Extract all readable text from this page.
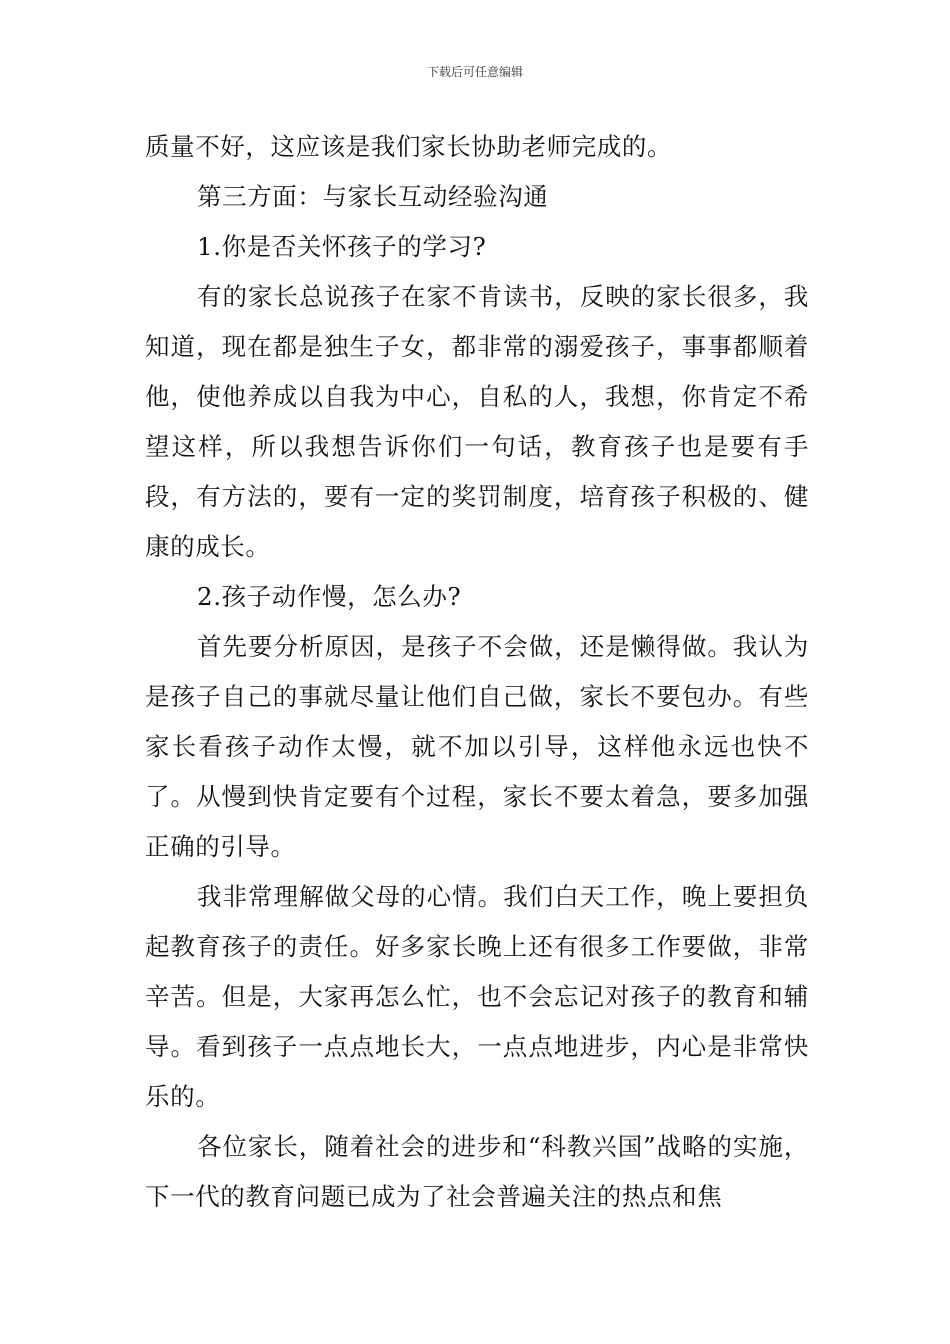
下载后可任意编辑

质量不好，这应该是我们家长协助老师完成的。

第三方面：与家长互动经验沟通

1.你是否关怀孩子的学习?

有的家长总说孩子在家不肯读书，反映的家长很多，我知道，现在都是独生子女，都非常的溺爱孩子，事事都顺着他，使他养成以自我为中心，自私的人，我想，你肯定不希望这样，所以我想告诉你们一句话，教育孩子也是要有手段，有方法的，要有一定的奖罚制度，培育孩子积极的、健康的成长。

2.孩子动作慢，怎么办?

首先要分析原因，是孩子不会做，还是懒得做。我认为是孩子自己的事就尽量让他们自己做，家长不要包办。有些家长看孩子动作太慢，就不加以引导，这样他永远也快不了。从慢到快肯定要有个过程，家长不要太着急，要多加强正确的引导。

我非常理解做父母的心情。我们白天工作，晚上要担负起教育孩子的责任。好多家长晚上还有很多工作要做，非常辛苦。但是，大家再怎么忙，也不会忘记对孩子的教育和辅导。看到孩子一点点地长大，一点点地进步，内心是非常快乐的。

各位家长，随着社会的进步和“科教兴国”战略的实施，下一代的教育问题已成为了社会普遍关注的热点和焦
